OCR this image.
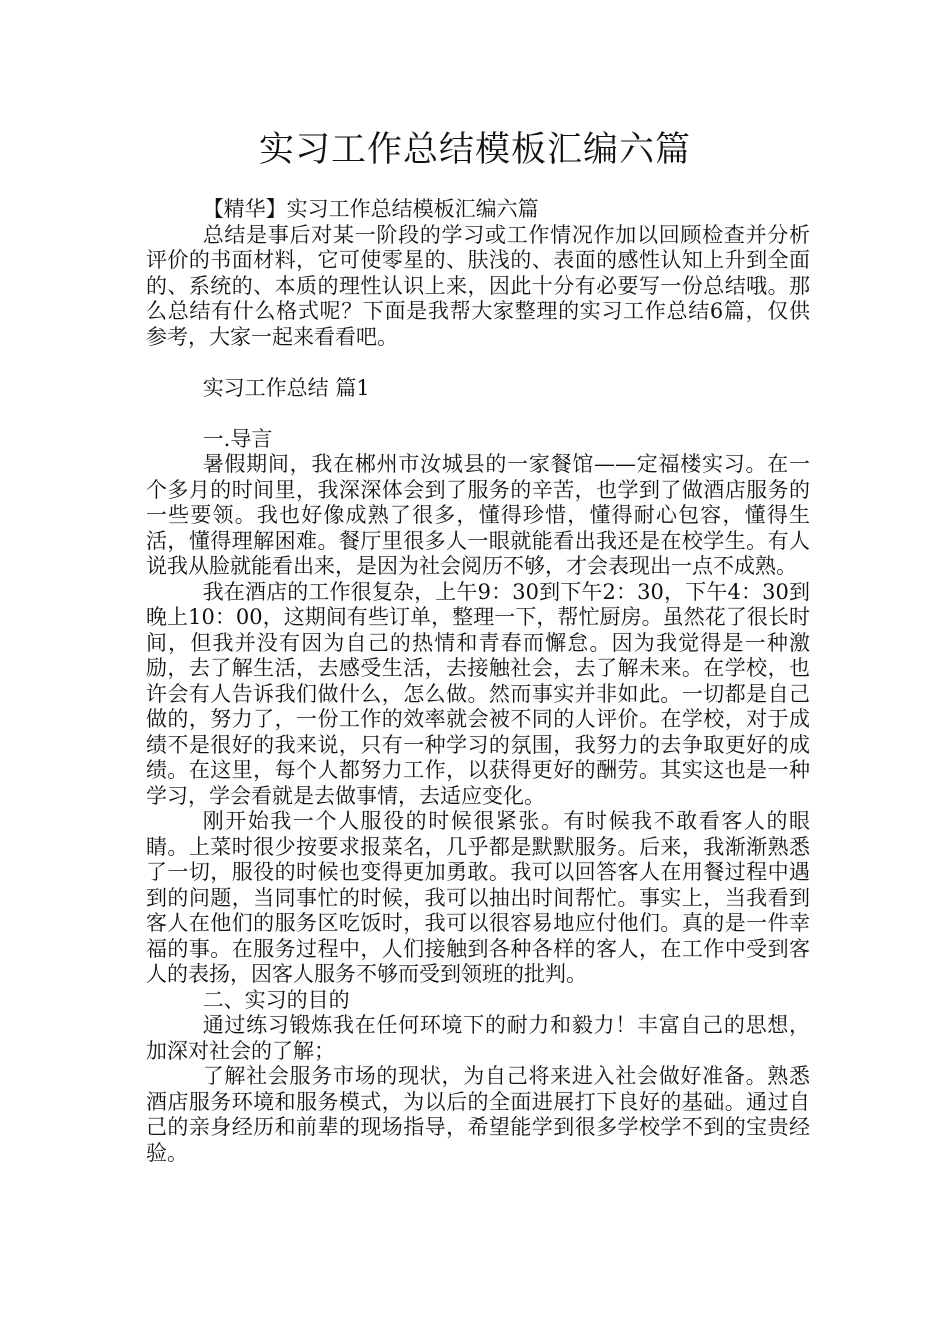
实习工作总结模板汇编六篇

【精华】实习工作总结模板汇编六篇

总结是事后对某一阶段的学习或工作情况作加以回顾检查并分析评价的书面材料，它可使零星的、肤浅的、表面的感性认知上升到全面的、系统的、本质的理性认识上来，因此十分有必要写一份总结哦。那么总结有什么格式呢？下面是我帮大家整理的实习工作总结6篇，仅供参考，大家一起来看看吧。

实习工作总结 篇1

一.导言

暑假期间，我在郴州市汝城县的一家餐馆——定福楼实习。在一个多月的时间里，我深深体会到了服务的辛苦，也学到了做酒店服务的一些要领。我也好像成熟了很多，懂得珍惜，懂得耐心包容，懂得生活，懂得理解困难。餐厅里很多人一眼就能看出我还是在校学生。有人说我从脸就能看出来，是因为社会阅历不够，才会表现出一点不成熟。

我在酒店的工作很复杂，上午9：30到下午2：30，下午4：30到晚上10：00，这期间有些订单，整理一下，帮忙厨房。虽然花了很长时间，但我并没有因为自己的热情和青春而懈怠。因为我觉得是一种激励，去了解生活，去感受生活，去接触社会，去了解未来。在学校，也许会有人告诉我们做什么，怎么做。然而事实并非如此。一切都是自己做的，努力了，一份工作的效率就会被不同的人评价。在学校，对于成绩不是很好的我来说，只有一种学习的氛围，我努力的去争取更好的成绩。在这里，每个人都努力工作，以获得更好的酬劳。其实这也是一种学习，学会看就是去做事情，去适应变化。

刚开始我一个人服役的时候很紧张。有时候我不敢看客人的眼睛。上菜时很少按要求报菜名，几乎都是默默服务。后来，我渐渐熟悉了一切，服役的时候也变得更加勇敢。我可以回答客人在用餐过程中遇到的问题，当同事忙的时候，我可以抽出时间帮忙。事实上，当我看到客人在他们的服务区吃饭时，我可以很容易地应付他们。真的是一件幸福的事。在服务过程中，人们接触到各种各样的客人，在工作中受到客人的表扬，因客人服务不够而受到领班的批判。

二、实习的目的

通过练习锻炼我在任何环境下的耐力和毅力！丰富自己的思想，加深对社会的了解；

了解社会服务市场的现状，为自己将来进入社会做好准备。熟悉酒店服务环境和服务模式，为以后的全面进展打下良好的基础。通过自己的亲身经历和前辈的现场指导，希望能学到很多学校学不到的宝贵经验。
